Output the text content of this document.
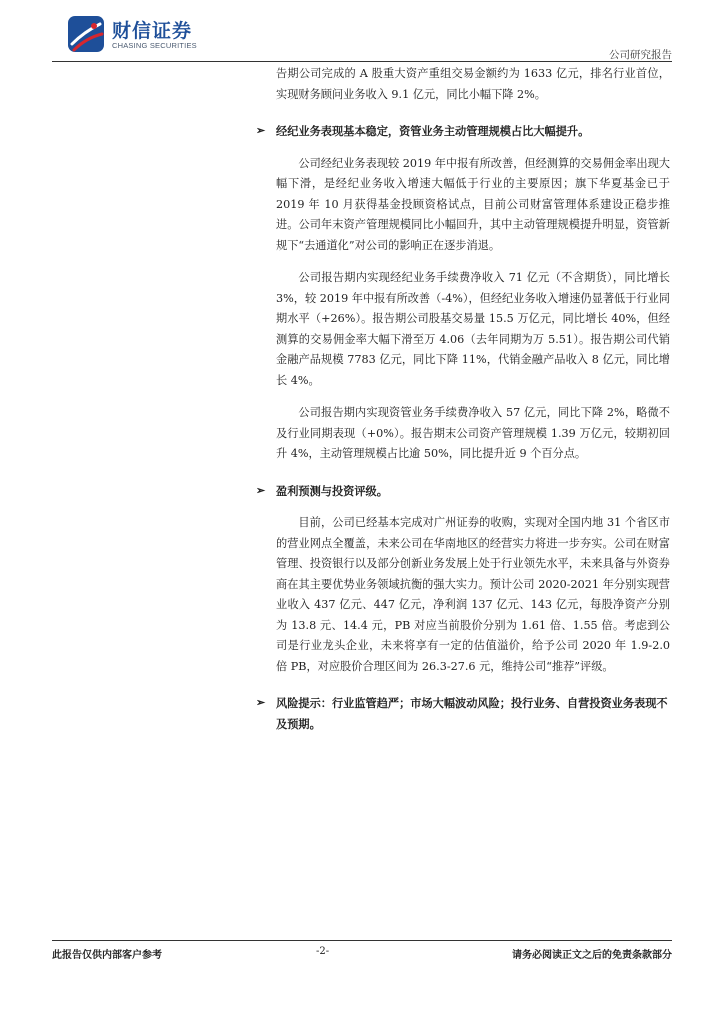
财信证券
CHASING SECURITIES
公司研究报告

告期公司完成的 A 股重大资产重组交易金额约为 1633 亿元，排名行业首位，实现财务顾问业务收入 9.1 亿元，同比小幅下降 2%。

➢ 经纪业务表现基本稳定，资管业务主动管理规模占比大幅提升。

公司经纪业务表现较 2019 年中报有所改善，但经测算的交易佣金率出现大幅下滑，是经纪业务收入增速大幅低于行业的主要原因；旗下华夏基金已于 2019 年 10 月获得基金投顾资格试点，目前公司财富管理体系建设正稳步推进。公司年末资产管理规模同比小幅回升，其中主动管理规模提升明显，资管新规下“去通道化”对公司的影响正在逐步消退。

公司报告期内实现经纪业务手续费净收入 71 亿元（不含期货），同比增长 3%，较 2019 年中报有所改善（-4%），但经纪业务收入增速仍显著低于行业同期水平（+26%）。报告期公司股基交易量 15.5 万亿元，同比增长 40%，但经测算的交易佣金率大幅下滑至万 4.06（去年同期为万 5.51）。报告期公司代销金融产品规模 7783 亿元，同比下降 11%，代销金融产品收入 8 亿元，同比增长 4%。

公司报告期内实现资管业务手续费净收入 57 亿元，同比下降 2%，略微不及行业同期表现（+0%）。报告期末公司资产管理规模 1.39 万亿元，较期初回升 4%，主动管理规模占比逾 50%，同比提升近 9 个百分点。

➢ 盈利预测与投资评级。

目前，公司已经基本完成对广州证券的收购，实现对全国内地 31 个省区市的营业网点全覆盖，未来公司在华南地区的经营实力将进一步夯实。公司在财富管理、投资银行以及部分创新业务发展上处于行业领先水平，未来具备与外资券商在其主要优势业务领域抗衡的强大实力。预计公司 2020-2021 年分别实现营业收入 437 亿元、447 亿元，净利润 137 亿元、143 亿元，每股净资产分别为 13.8 元、14.4 元，PB 对应当前股价分别为 1.61 倍、1.55 倍。考虑到公司是行业龙头企业，未来将享有一定的估值溢价，给予公司 2020 年 1.9-2.0 倍 PB，对应股价合理区间为 26.3-27.6 元，维持公司“推荐”评级。

➢ 风险提示：行业监管趋严；市场大幅波动风险；投行业务、自营投资业务表现不及预期。

此报告仅供内部客户参考	-2-	请务必阅读正文之后的免责条款部分
